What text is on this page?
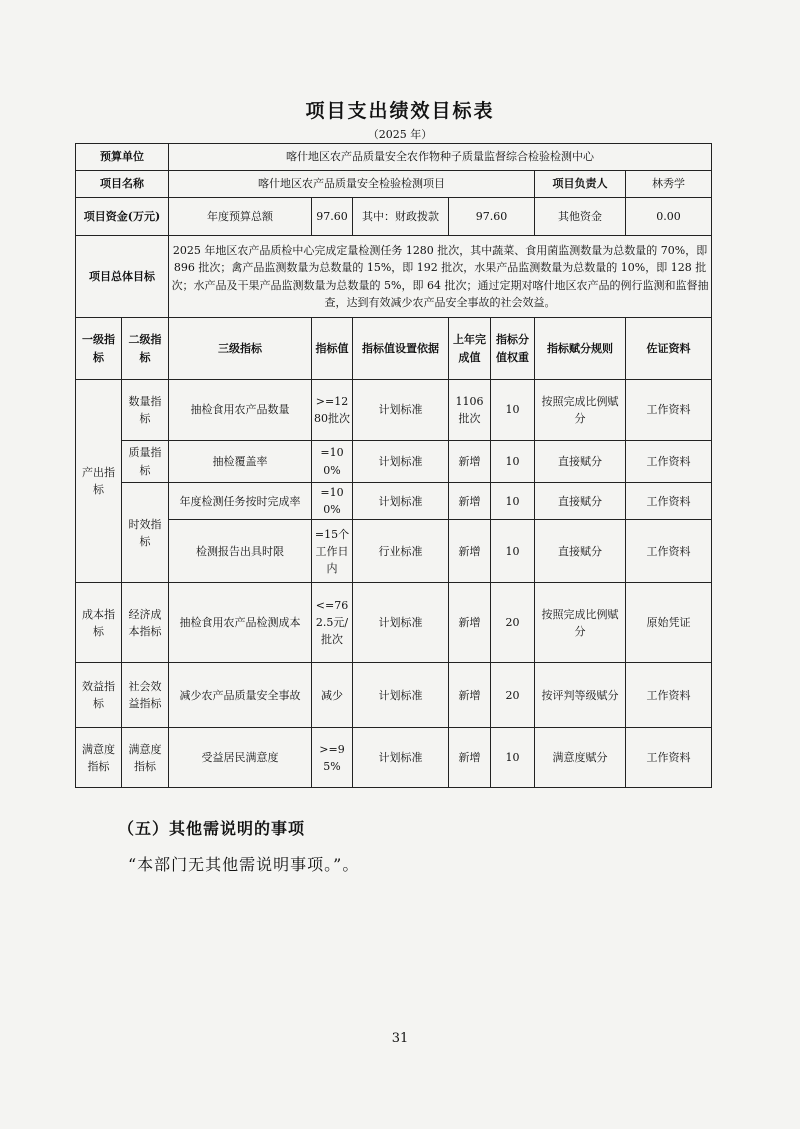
项目支出绩效目标表
（2025 年）
预算单位		喀什地区农产品质量安全农作物种子质量监督综合检验检测中心						
项目名称		喀什地区农产品质量安全检验检测项目					项目负责人	林秀学
项目资金(万元)		年度预算总额	97.60	其中：财政拨款	97.60		其他资金	0.00
项目总体目标		2025 年地区农产品质检中心完成定量检测任务 1280 批次，其中蔬菜、食用菌监测数量为总数量的 70%，即 896 批次；禽产品监测数量为总数量的 15%，即 192 批次，水果产品监测数量为总数量的 10%，即 128 批次；水产品及干果产品监测数量为总数量的 5%，即 64 批次；通过定期对喀什地区农产品的例行监测和监督抽查，达到有效减少农产品安全事故的社会效益。						
一级指标	二级指标	三级指标	指标值	指标值设置依据	上年完成值	指标分值权重	指标赋分规则	佐证资料
产出指标	数量指标	抽检食用农产品数量	>=1280批次	计划标准	1106批次	10	按照完成比例赋分	工作资料
	质量指标	抽检覆盖率	=100%	计划标准	新增	10	直接赋分	工作资料
	时效指标	年度检测任务按时完成率	=100%	计划标准	新增	10	直接赋分	工作资料
		检测报告出具时限	=15个工作日内	行业标准	新增	10	直接赋分	工作资料
成本指标	经济成本指标	抽检食用农产品检测成本	<=762.5元/批次	计划标准	新增	20	按照完成比例赋分	原始凭证
效益指标	社会效益指标	减少农产品质量安全事故	减少	计划标准	新增	20	按评判等级赋分	工作资料
满意度指标	满意度指标	受益居民满意度	>=95%	计划标准	新增	10	满意度赋分	工作资料
（五）其他需说明的事项
“本部门无其他需说明事项。”。
31
